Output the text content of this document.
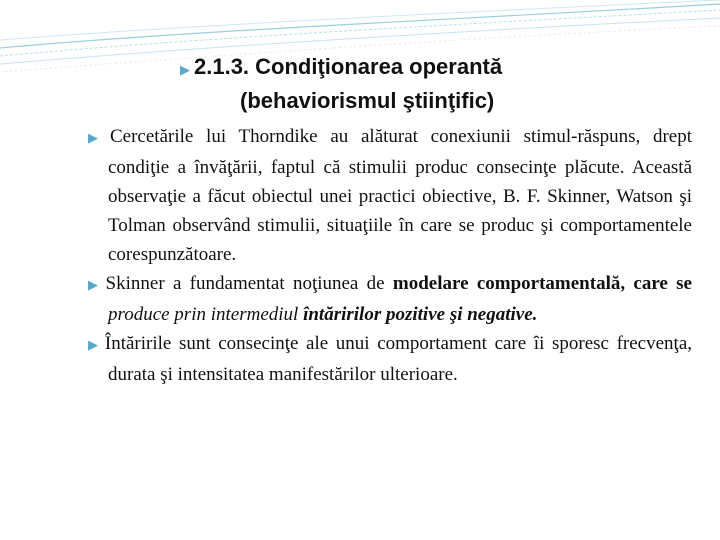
▶ 2.1.3. Condiţionarea operantă
(behaviorismul ştiinţific)

▶ Cercetările lui Thorndike au alăturat conexiunii stimul-răspuns, drept condiţie a învăţării, faptul că stimulii produc consecinţe plăcute. Această observaţie a făcut obiectul unei practici obiective, B. F. Skinner, Watson şi Tolman observând stimulii, situaţiile în care se produc şi comportamentele corespunzătoare.

▶ Skinner a fundamentat noţiunea de modelare comportamentală, care se produce prin intermediul întăririlor pozitive şi negative.

▶ Întăririle sunt consecinţe ale unui comportament care îi sporesc frecvenţa, durata şi intensitatea manifestărilor ulterioare.
